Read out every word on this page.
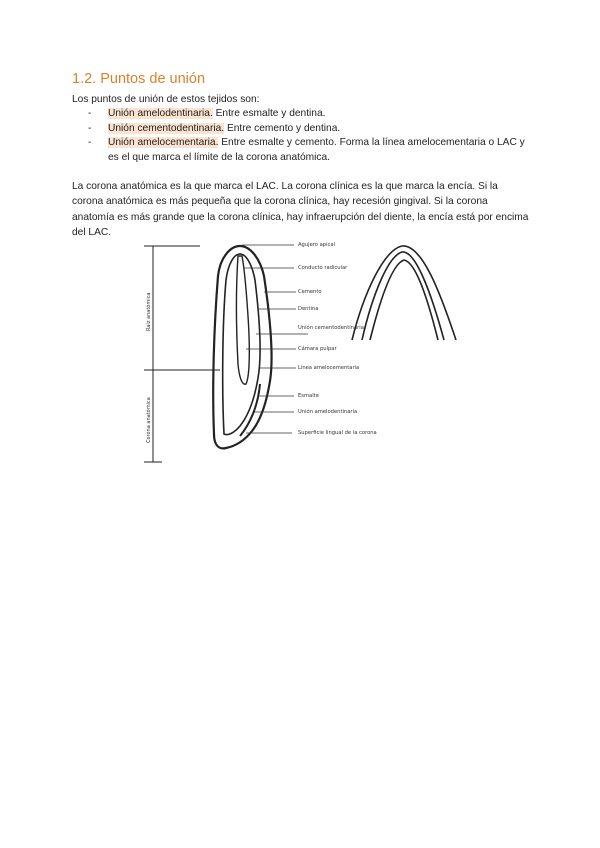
1.2. Puntos de unión
Los puntos de unión de estos tejidos son:
- Unión amelodentinaria. Entre esmalte y dentina.
- Unión cementodentinaria. Entre cemento y dentina.
- Unión amelocementaria. Entre esmalte y cemento. Forma la línea amelocementaria o LAC y es el que marca el límite de la corona anatómica.
La corona anatómica es la que marca el LAC. La corona clínica es la que marca la encía. Si la corona anatómica es más pequeña que la corona clínica, hay recesión gingival. Si la corona anatomía es más grande que la corona clínica, hay infraerupción del diente, la encía está por encima del LAC.
Raíz anatómica
Corona anatómica
Agujero apical
Conducto radicular
Cemento
Dentina
Unión cementodentinaria
Cámara pulpar
Línea amelocementaria
Esmalte
Unión amelodentinaria
Superficie lingual de la corona
